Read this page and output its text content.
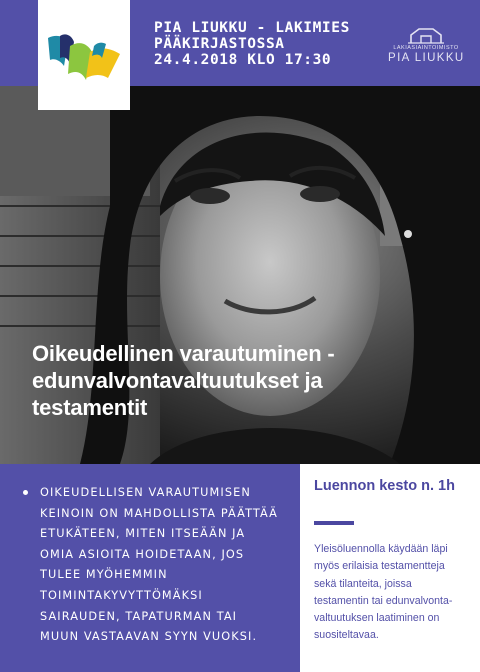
PIA LIUKKU - LAKIMIES
PÄÄKIRJASTOSSA
24.4.2018 KLO 17:30
LAKIASIAINTOIMISTO
PIA LIUKKU
Oikeudellinen varautuminen -
edunvalvontavaltuutukset ja
testamentit
OIKEUDELLISEN VARAUTUMISEN
KEINOIN ON MAHDOLLISTA PÄÄTTÄÄ
ETUKÄTEEN, MITEN ITSEÄÄN JA
OMIA ASIOITA HOIDETAAN, JOS
TULEE MYÖHEMMIN
TOIMINTAKYVYTTÖMÄKSI
SAIRAUDEN, TAPATURMAN TAI
MUUN VASTAAVAN SYYN VUOKSI.
Luennon kesto n. 1h
Yleisöluennolla käydään läpi
myös erilaisia testamentteja
sekä tilanteita, joissa
testamentin tai edunvalvonta-
valtuutuksen laatiminen on
suositeltavaa.
